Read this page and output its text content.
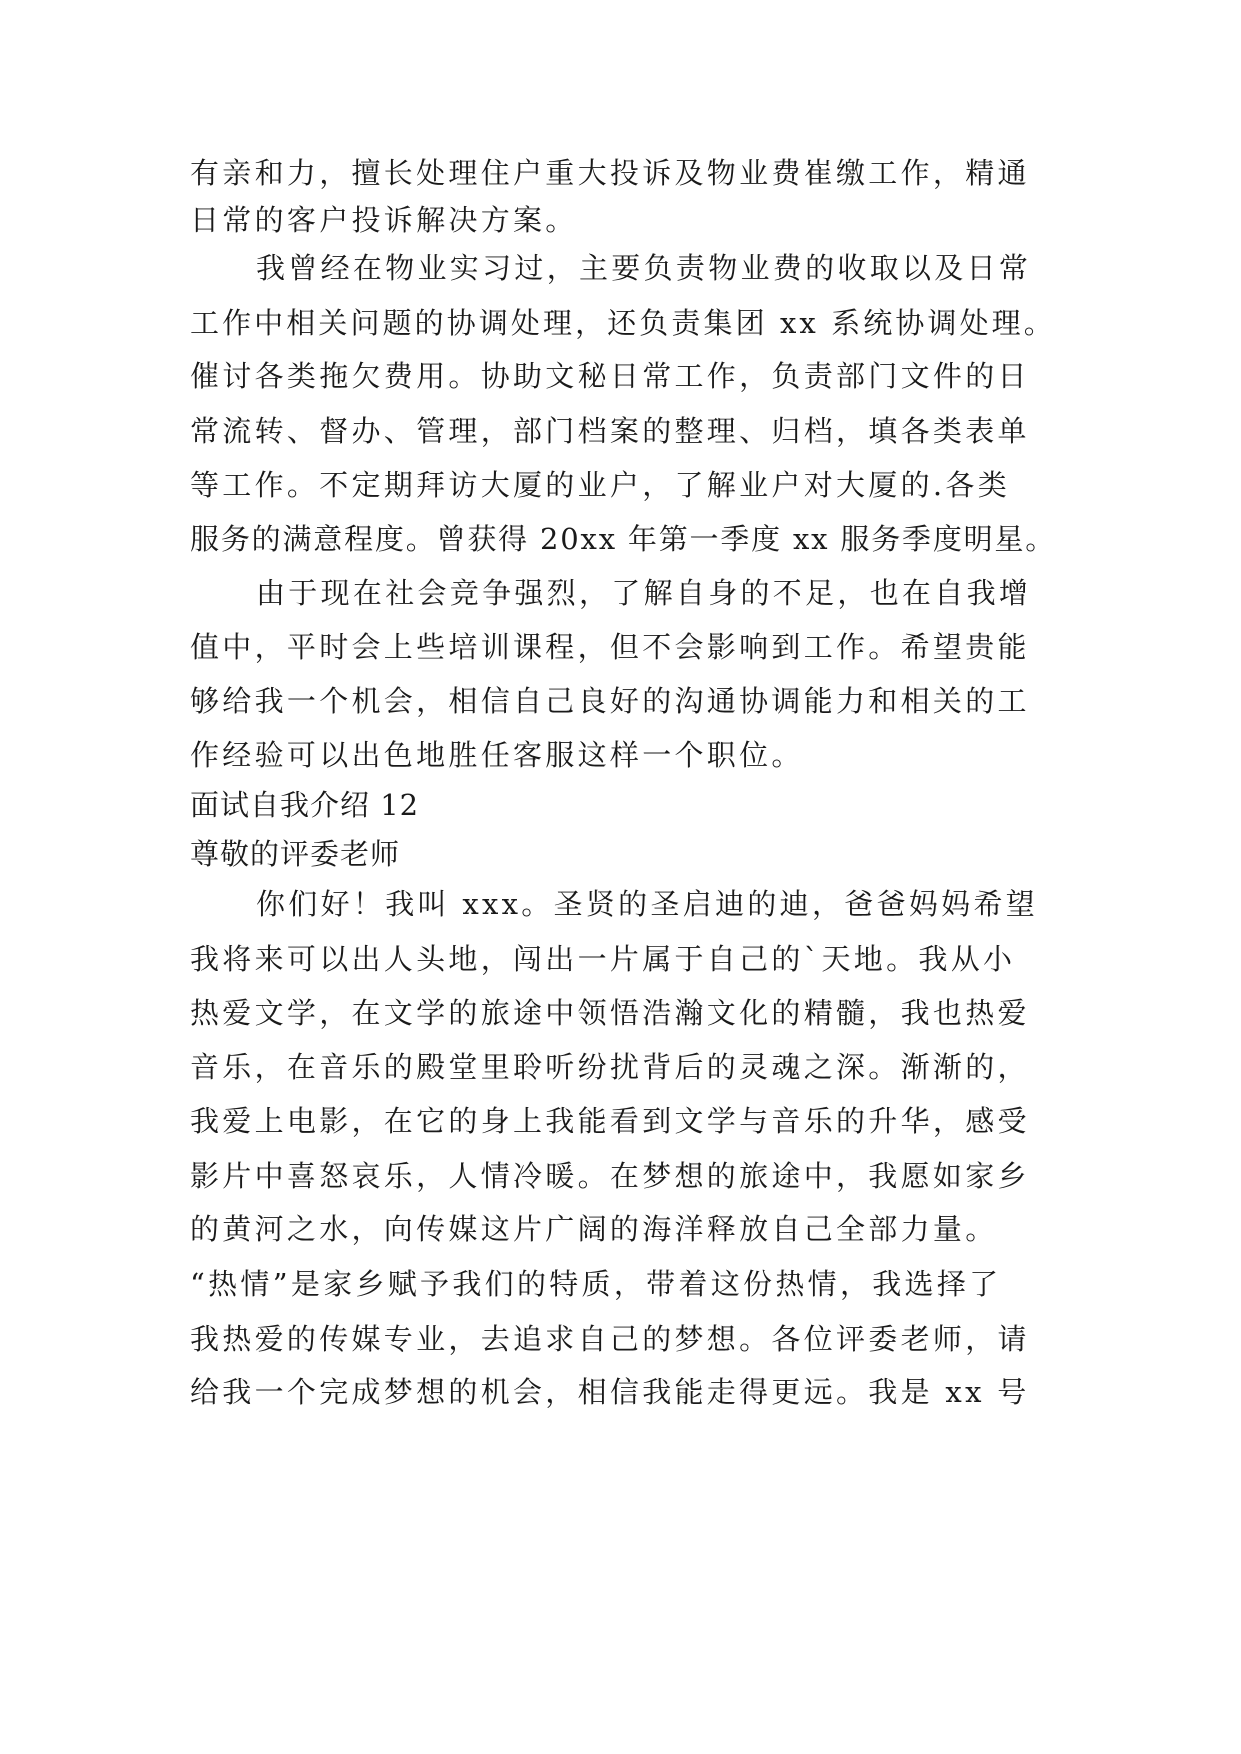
有亲和力，擅长处理住户重大投诉及物业费崔缴工作，精通
日常的客户投诉解决方案。
我曾经在物业实习过，主要负责物业费的收取以及日常
工作中相关问题的协调处理，还负责集团 xx 系统协调处理。
催讨各类拖欠费用。协助文秘日常工作，负责部门文件的日
常流转、督办、管理，部门档案的整理、归档，填各类表单
等工作。不定期拜访大厦的业户，了解业户对大厦的.各类
服务的满意程度。曾获得 20xx 年第一季度 xx 服务季度明星。
由于现在社会竞争强烈，了解自身的不足，也在自我增
值中，平时会上些培训课程，但不会影响到工作。希望贵能
够给我一个机会，相信自己良好的沟通协调能力和相关的工
作经验可以出色地胜任客服这样一个职位。
面试自我介绍 12
尊敬的评委老师
你们好！我叫 xxx。圣贤的圣启迪的迪，爸爸妈妈希望
我将来可以出人头地，闯出一片属于自己的`天地。我从小
热爱文学，在文学的旅途中领悟浩瀚文化的精髓，我也热爱
音乐，在音乐的殿堂里聆听纷扰背后的灵魂之深。渐渐的，
我爱上电影，在它的身上我能看到文学与音乐的升华，感受
影片中喜怒哀乐，人情冷暖。在梦想的旅途中，我愿如家乡
的黄河之水，向传媒这片广阔的海洋释放自己全部力量。
“热情”是家乡赋予我们的特质，带着这份热情，我选择了
我热爱的传媒专业，去追求自己的梦想。各位评委老师，请
给我一个完成梦想的机会，相信我能走得更远。我是 xx 号
